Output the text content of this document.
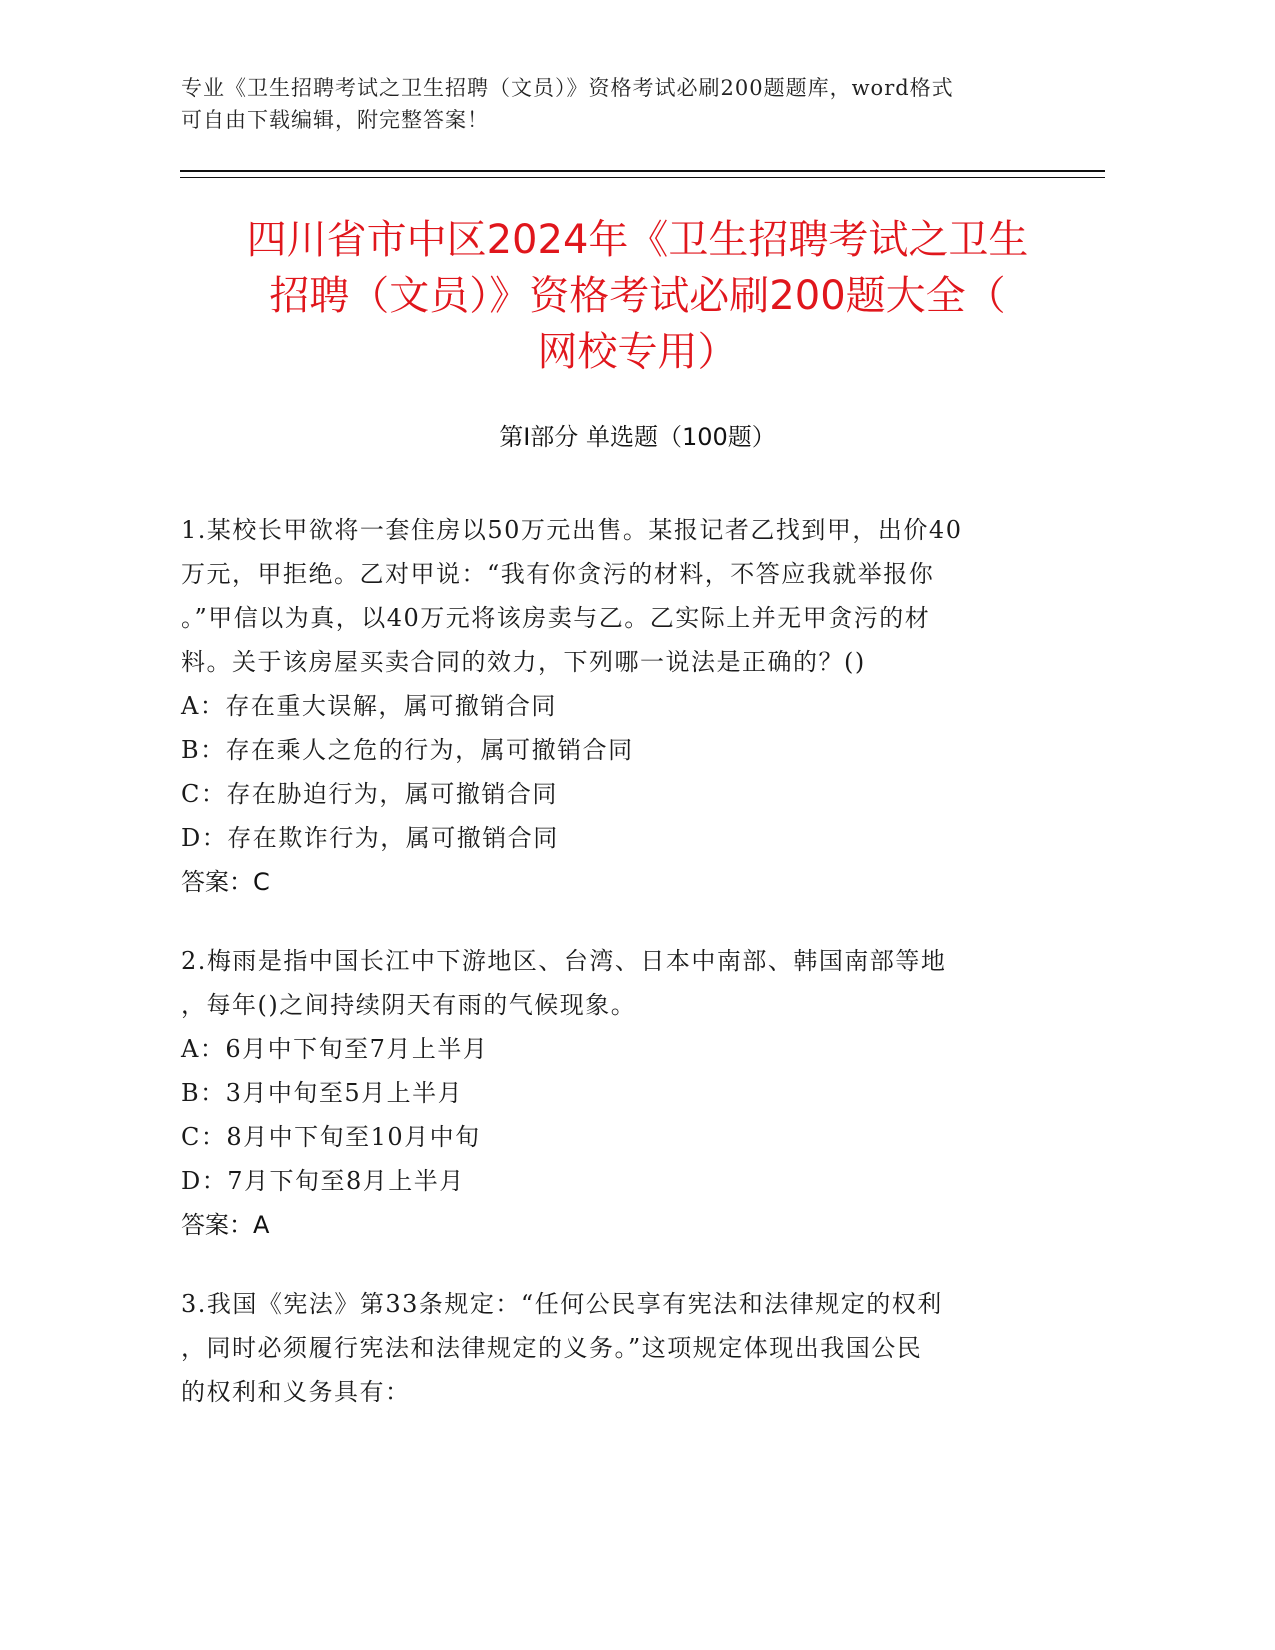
专业《卫生招聘考试之卫生招聘（文员）》资格考试必刷200题题库，word格式
可自由下载编辑，附完整答案！
四川省市中区2024年《卫生招聘考试之卫生
招聘（文员）》资格考试必刷200题大全（
网校专用）
第Ⅰ部分 单选题（100题）
1.某校长甲欲将一套住房以50万元出售。某报记者乙找到甲，出价40
万元，甲拒绝。乙对甲说：“我有你贪污的材料，不答应我就举报你
。”甲信以为真，以40万元将该房卖与乙。乙实际上并无甲贪污的材
料。关于该房屋买卖合同的效力，下列哪一说法是正确的？()
A：存在重大误解，属可撤销合同
B：存在乘人之危的行为，属可撤销合同
C：存在胁迫行为，属可撤销合同
D：存在欺诈行为，属可撤销合同
答案：C
2.梅雨是指中国长江中下游地区、台湾、日本中南部、韩国南部等地
，每年()之间持续阴天有雨的气候现象。
A：6月中下旬至7月上半月
B：3月中旬至5月上半月
C：8月中下旬至10月中旬
D：7月下旬至8月上半月
答案：A
3.我国《宪法》第33条规定：“任何公民享有宪法和法律规定的权利
，同时必须履行宪法和法律规定的义务。”这项规定体现出我国公民
的权利和义务具有：
